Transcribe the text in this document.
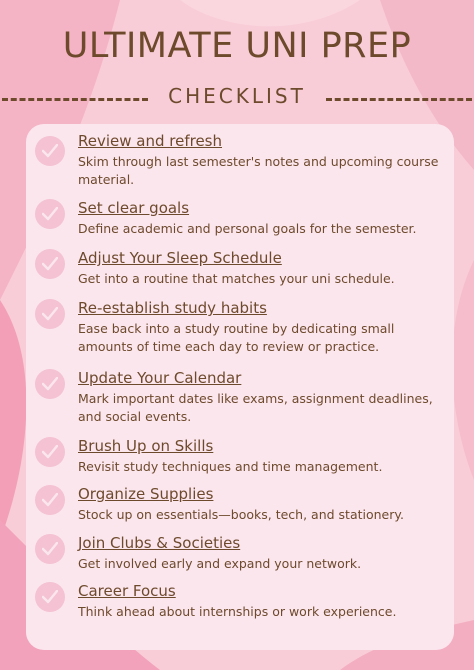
ULTIMATE UNI PREP
CHECKLIST
Review and refresh
Skim through last semester's notes and upcoming course material.
Set clear goals
Define academic and personal goals for the semester.
Adjust Your Sleep Schedule
Get into a routine that matches your uni schedule.
Re-establish study habits
Ease back into a study routine by dedicating small amounts of time each day to review or practice.
Update Your Calendar
Mark important dates like exams, assignment deadlines, and social events.
Brush Up on Skills
Revisit study techniques and time management.
Organize Supplies
Stock up on essentials—books, tech, and stationery.
Join Clubs & Societies
Get involved early and expand your network.
Career Focus
Think ahead about internships or work experience.
